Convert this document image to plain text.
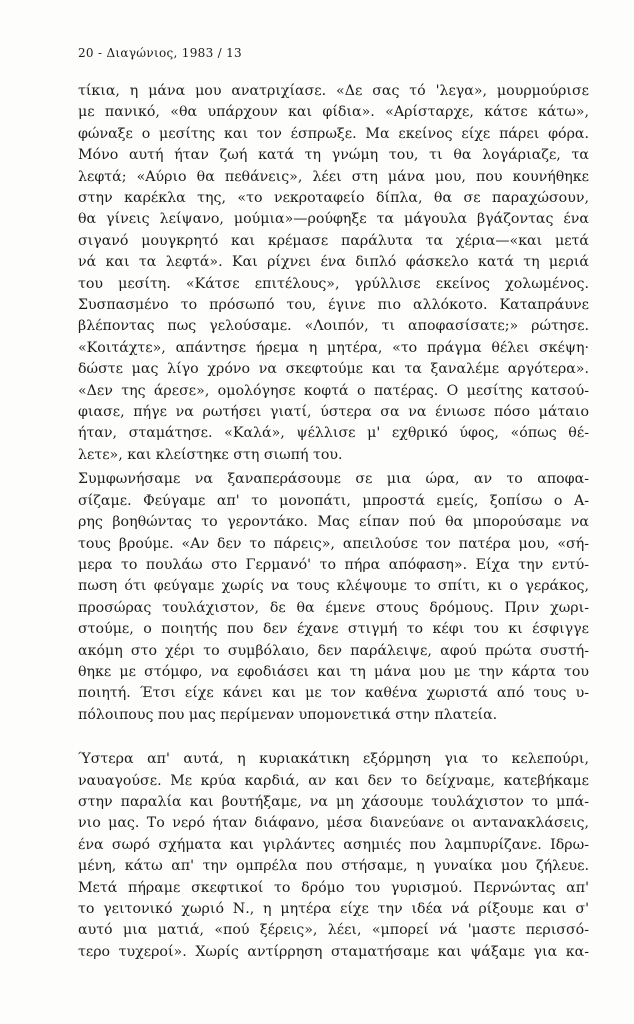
20 - Διαγώνιος, 1983 / 13
τίκια, η μάνα μου ανατριχίασε. «Δε σας τό 'λεγα», μουρμούρισε
με πανικό, «θα υπάρχουν και φίδια». «Αρίσταρχε, κάτσε κάτω»,
φώναξε ο μεσίτης και τον έσπρωξε. Μα εκείνος είχε πάρει φόρα.
Μόνο αυτή ήταν ζωή κατά τη γνώμη του, τι θα λογάριαζε, τα
λεφτά; «Αύριο θα πεθάνεις», λέει στη μάνα μου, που κουνήθηκε
στην καρέκλα της, «το νεκροταφείο δίπλα, θα σε παραχώσουν,
θα γίνεις λείψανο, μούμια»—ρούφηξε τα μάγουλα βγάζοντας ένα
σιγανό μουγκρητό και κρέμασε παράλυτα τα χέρια—«και μετά
νά και τα λεφτά». Και ρίχνει ένα διπλό φάσκελο κατά τη μεριά
του μεσίτη. «Κάτσε επιτέλους», γρύλλισε εκείνος χολωμένος.
Συσπασμένο το πρόσωπό του, έγινε πιο αλλόκοτο. Καταπράυνε
βλέποντας πως γελούσαμε. «Λοιπόν, τι αποφασίσατε;» ρώτησε.
«Κοιτάχτε», απάντησε ήρεμα η μητέρα, «το πράγμα θέλει σκέψη·
δώστε μας λίγο χρόνο να σκεφτούμε και τα ξαναλέμε αργότερα».
«Δεν της άρεσε», ομολόγησε κοφτά ο πατέρας. Ο μεσίτης κατσού-
φιασε, πήγε να ρωτήσει γιατί, ύστερα σα να ένιωσε πόσο μάταιο
ήταν, σταμάτησε. «Καλά», ψέλλισε μ' εχθρικό ύφος, «όπως θέ-
λετε», και κλείστηκε στη σιωπή του.
Συμφωνήσαμε να ξαναπεράσουμε σε μια ώρα, αν το αποφα-
σίζαμε. Φεύγαμε απ' το μονοπάτι, μπροστά εμείς, ξοπίσω ο Α-
ρης βοηθώντας το γεροντάκο. Μας είπαν πού θα μπορούσαμε να
τους βρούμε. «Αν δεν το πάρεις», απειλούσε τον πατέρα μου, «σή-
μερα το πουλάω στο Γερμανό' το πήρα απόφαση». Είχα την εντύ-
πωση ότι φεύγαμε χωρίς να τους κλέψουμε το σπίτι, κι ο γεράκος,
προσώρας τουλάχιστον, δε θα έμενε στους δρόμους. Πριν χωρι-
στούμε, ο ποιητής που δεν έχανε στιγμή το κέφι του κι έσφιγγε
ακόμη στο χέρι το συμβόλαιο, δεν παράλειψε, αφού πρώτα συστή-
θηκε με στόμφο, να εφοδιάσει και τη μάνα μου με την κάρτα του
ποιητή. Έτσι είχε κάνει και με τον καθένα χωριστά από τους υ-
πόλοιπους που μας περίμεναν υπομονετικά στην πλατεία.
Ύστερα απ' αυτά, η κυριακάτικη εξόρμηση για το κελεπούρι,
ναυαγούσε. Με κρύα καρδιά, αν και δεν το δείχναμε, κατεβήκαμε
στην παραλία και βουτήξαμε, να μη χάσουμε τουλάχιστον το μπά-
νιο μας. Το νερό ήταν διάφανο, μέσα διανεύανε οι αντανακλάσεις,
ένα σωρό σχήματα και γιρλάντες ασημιές που λαμπυρίζανε. Ιδρω-
μένη, κάτω απ' την ομπρέλα που στήσαμε, η γυναίκα μου ζήλευε.
Μετά πήραμε σκεφτικοί το δρόμο του γυρισμού. Περνώντας απ'
το γειτονικό χωριό Ν., η μητέρα είχε την ιδέα νά ρίξουμε και σ'
αυτό μια ματιά, «πού ξέρεις», λέει, «μπορεί νά 'μαστε περισσό-
τερο τυχεροί». Χωρίς αντίρρηση σταματήσαμε και ψάξαμε για κα-
